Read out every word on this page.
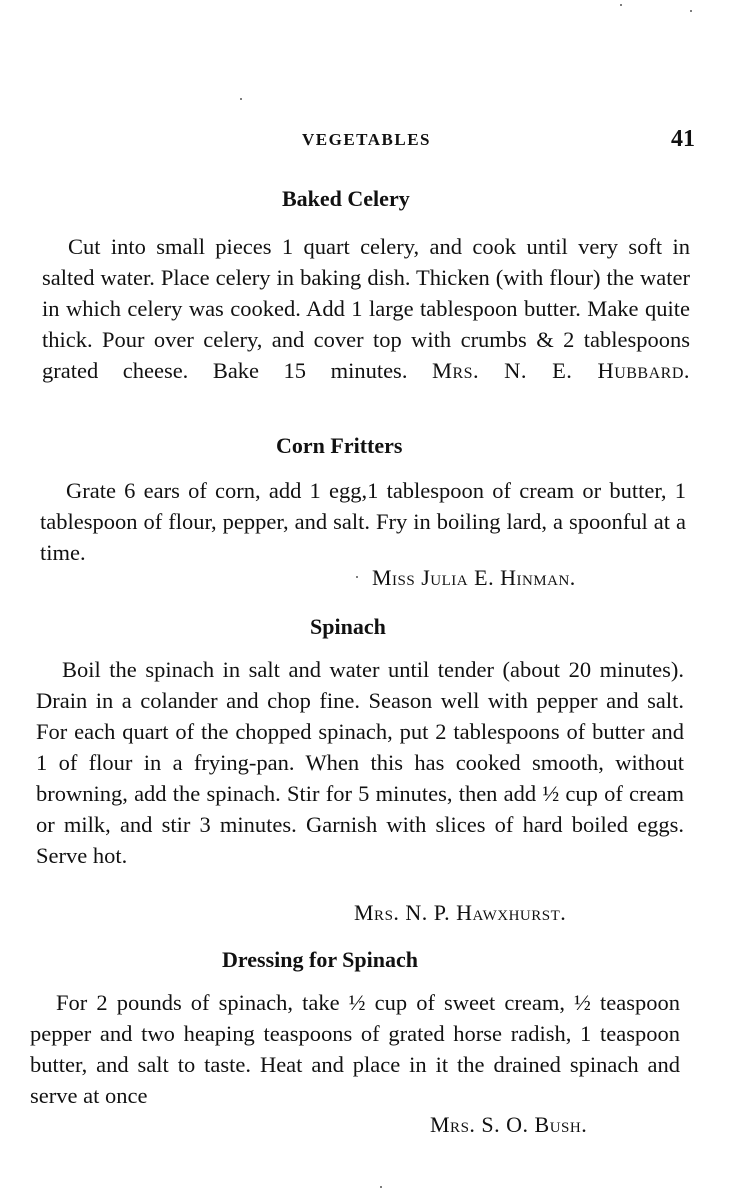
VEGETABLES	41
Baked Celery

Cut into small pieces 1 quart celery, and cook until very soft in salted water. Place celery in baking dish. Thicken (with flour) the water in which celery was cooked. Add 1 large tablespoon butter. Make quite thick. Pour over celery, and cover top with crumbs & 2 tablespoons grated cheese. Bake 15 minutes. Mrs. N. E. Hubbard.

Corn Fritters

Grate 6 ears of corn, add 1 egg,1 tablespoon of cream or butter, 1 tablespoon of flour, pepper, and salt. Fry in boiling lard, a spoonful at a time.

Miss Julia E. Hinman.
Spinach

Boil the spinach in salt and water until tender (about 20 minutes). Drain in a colander and chop fine. Season well with pepper and salt. For each quart of the chopped spinach, put 2 tablespoons of butter and 1 of flour in a frying-pan. When this has cooked smooth, without browning, add the spinach. Stir for 5 minutes, then add ½ cup of cream or milk, and stir 3 minutes. Garnish with slices of hard boiled eggs. Serve hot.

Mrs. N. P. Hawxhurst.
Dressing for Spinach

For 2 pounds of spinach, take ½ cup of sweet cream, ½ teaspoon pepper and two heaping teaspoons of grated horse radish, 1 teaspoon butter, and salt to taste. Heat and place in it the drained spinach and serve at once

Mrs. S. O. Bush.
